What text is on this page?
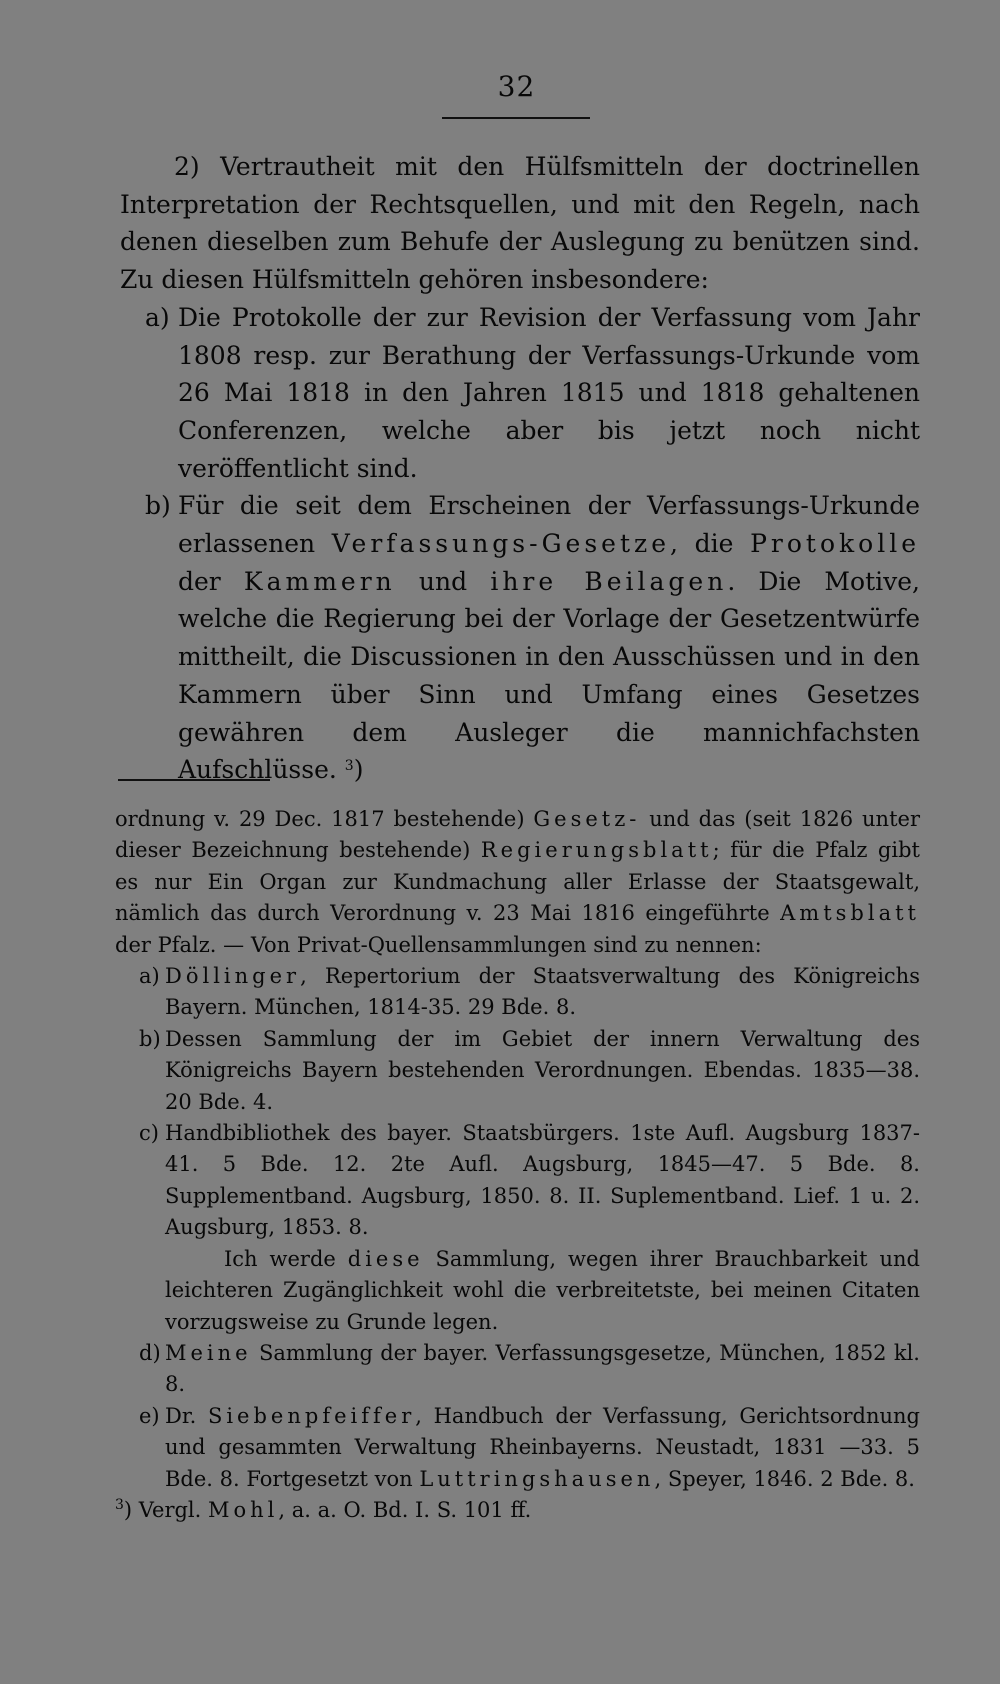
32

2) Vertrautheit mit den Hülfsmitteln der doctrinellen Interpretation der Rechtsquellen, und mit den Regeln, nach denen dieselben zum Behufe der Auslegung zu benützen sind. Zu diesen Hülfsmitteln gehören insbesondere:

a) Die Protokolle der zur Revision der Verfassung vom Jahr 1808 resp. zur Berathung der Verfassungs-Urkunde vom 26 Mai 1818 in den Jahren 1815 und 1818 gehaltenen Conferenzen, welche aber bis jetzt noch nicht veröffentlicht sind.
b) Für die seit dem Erscheinen der Verfassungs-Urkunde erlassenen Verfassungs-Gesetze, die Protokolle der Kammern und ihre Beilagen. Die Motive, welche die Regierung bei der Vorlage der Gesetzentwürfe mittheilt, die Discussionen in den Ausschüssen und in den Kammern über Sinn und Umfang eines Gesetzes gewähren dem Ausleger die mannichfachsten Aufschlüsse. $^3$)

ordnung v. 29 Dec. 1817 bestehende) Gesetz- und das (seit 1826 unter dieser Bezeichnung bestehende) Regierungsblatt; für die Pfalz gibt es nur Ein Organ zur Kundmachung aller Erlasse der Staatsgewalt, nämlich das durch Verordnung v. 23 Mai 1816 eingeführte Amtsblatt der Pfalz. — Von Privat-Quellensammlungen sind zu nennen:

a) Döllinger, Repertorium der Staatsverwaltung des Königreichs Bayern. München, 1814-35. 29 Bde. 8.
b) Dessen Sammlung der im Gebiet der innern Verwaltung des Königreichs Bayern bestehenden Verordnungen. Ebendas. 1835—38. 20 Bde. 4.
c) Handbibliothek des bayer. Staatsbürgers. 1ste Aufl. Augsburg 1837-41. 5 Bde. 12. 2te Aufl. Augsburg, 1845—47. 5 Bde. 8. Supplementband. Augsburg, 1850. 8. II. Suplementband. Lief. 1 u. 2. Augsburg, 1853. 8.

Ich werde diese Sammlung, wegen ihrer Brauchbarkeit und leichteren Zugänglichkeit wohl die verbreitetste, bei meinen Citaten vorzugsweise zu Grunde legen.

d) Meine Sammlung der bayer. Verfassungsgesetze, München, 1852 kl. 8.
e) Dr. Siebenpfeiffer, Handbuch der Verfassung, Gerichtsordnung und gesammten Verwaltung Rheinbayerns. Neustadt, 1831 —33. 5 Bde. 8. Fortgesetzt von Luttringshausen, Speyer, 1846. 2 Bde. 8.

$^3$) Vergl. Mohl, a. a. O. Bd. I. S. 101 ff.
